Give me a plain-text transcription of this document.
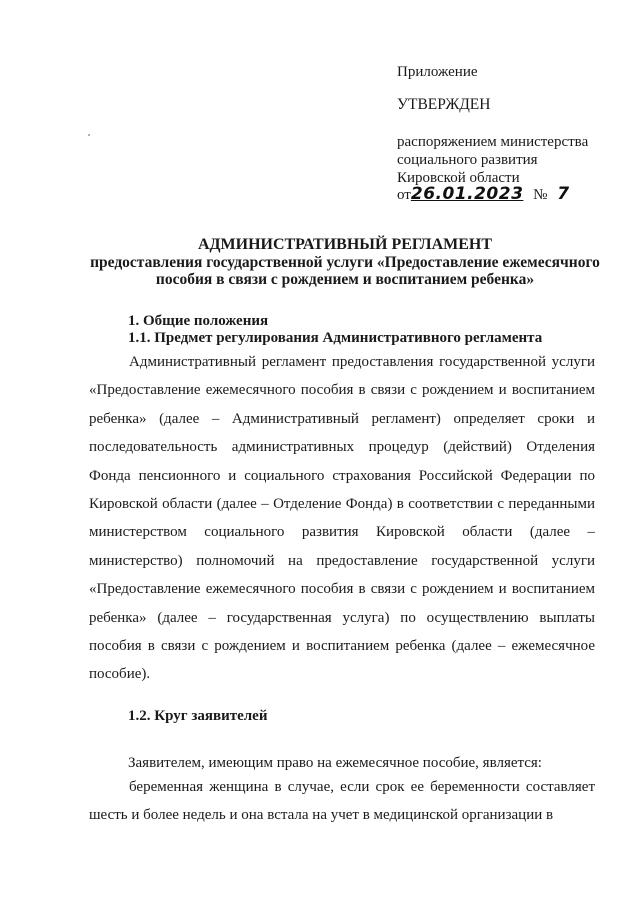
Приложение
УТВЕРЖДЕН
распоряжением министерства
социального развития
Кировской области
от26.01.2023 № 7
АДМИНИСТРАТИВНЫЙ РЕГЛАМЕНТ
предоставления государственной услуги «Предоставление ежемесячного
пособия в связи с рождением и воспитанием ребенка»
1. Общие положения
1.1. Предмет регулирования Административного регламента

Административный регламент предоставления государственной услуги «Предоставление ежемесячного пособия в связи с рождением и воспитанием ребенка» (далее – Административный регламент) определяет сроки и последовательность административных процедур (действий) Отделения Фонда пенсионного и социального страхования Российской Федерации по Кировской области (далее – Отделение Фонда) в соответствии с переданными министерством социального развития Кировской области (далее – министерство) полномочий на предоставление государственной услуги «Предоставление ежемесячного пособия в связи с рождением и воспитанием ребенка» (далее – государственная услуга) по осуществлению выплаты пособия в связи с рождением и воспитанием ребенка (далее – ежемесячное пособие).

1.2. Круг заявителей
Заявителем, имеющим право на ежемесячное пособие, является:

беременная женщина в случае, если срок ее беременности составляет шесть и более недель и она встала на учет в медицинской организации в
